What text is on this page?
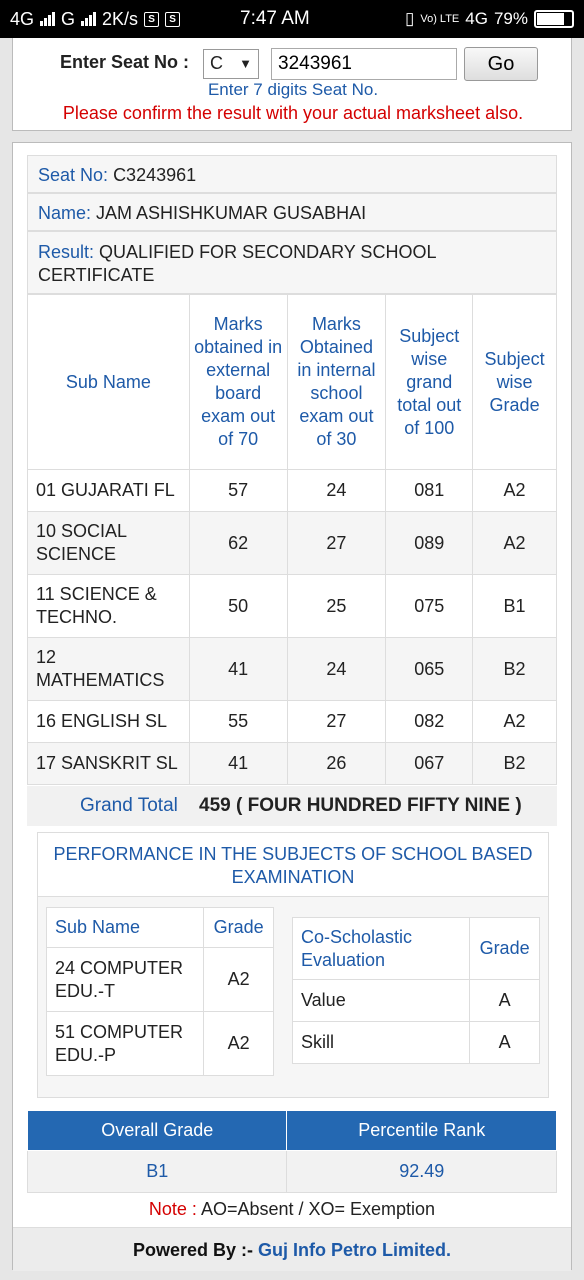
4G G 2K/s	S	S	7:47 AM	▯ Vo) LTE 4G 79%
Enter Seat No :	C ▼
3243961	Go
Enter 7 digits Seat No.
Please confirm the result with your actual marksheet also.
Seat No: C3243961
Name: JAM ASHISHKUMAR GUSABHAI
Result: QUALIFIED FOR SECONDARY SCHOOL CERTIFICATE
Sub Name	Marks obtained in external board exam out of 70	Marks Obtained in internal school exam out of 30	Subject wise grand total out of 100	Subject wise Grade
01 GUJARATI FL	57	24	081	A2
10 SOCIAL SCIENCE	62	27	089	A2
11 SCIENCE & TECHNO.	50	25	075	B1
12 MATHEMATICS	41	24	065	B2
16 ENGLISH SL	55	27	082	A2
17 SANSKRIT SL	41	26	067	B2
Grand Total 459 ( FOUR HUNDRED FIFTY NINE )
PERFORMANCE IN THE SUBJECTS OF SCHOOL BASED EXAMINATION
Sub Name	Grade
24 COMPUTER EDU.-T	A2
51 COMPUTER EDU.-P	A2
Co-Scholastic Evaluation	Grade
Value	A
Skill	A
Overall Grade	Percentile Rank
B1	92.49
Note : AO=Absent / XO= Exemption
Powered By :- Guj Info Petro Limited.
